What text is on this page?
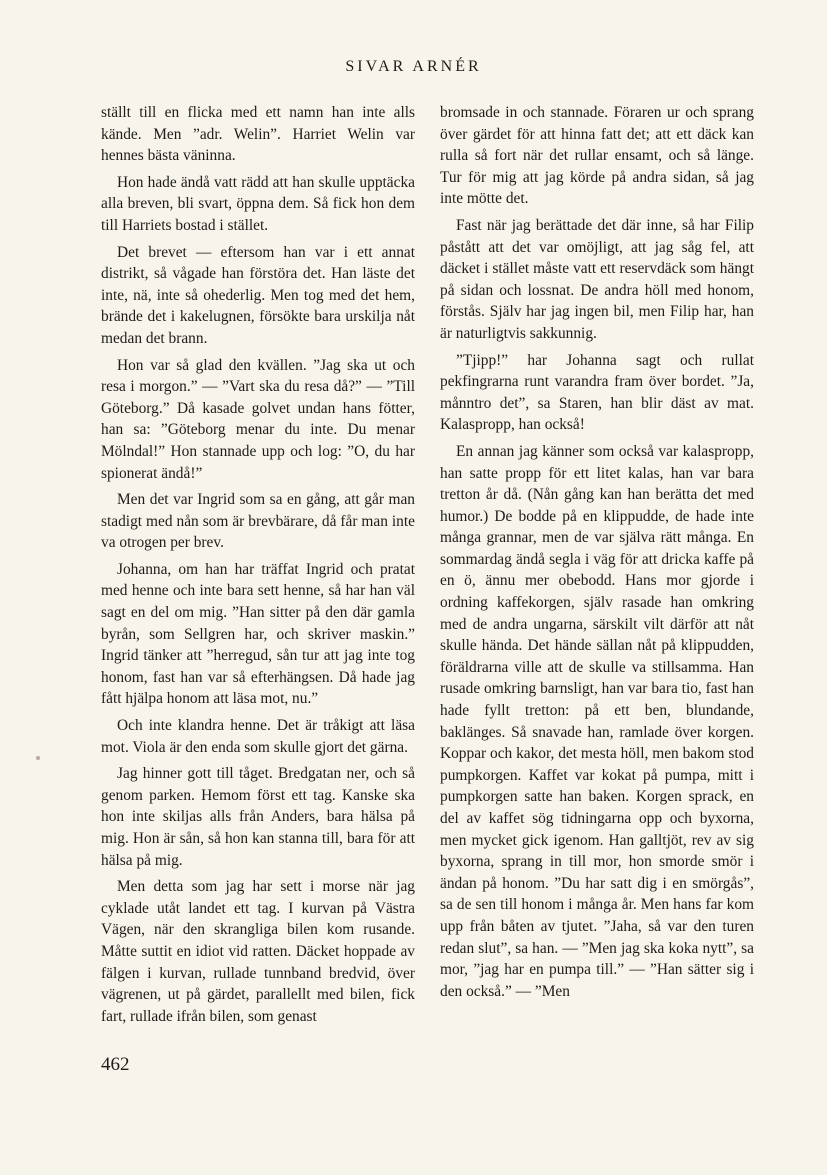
SIVAR ARNÉR

ställt till en flicka med ett namn han inte alls kände. Men ”adr. Welin”. Harriet Welin var hennes bästa väninna.

Hon hade ändå vatt rädd att han skulle upptäcka alla breven, bli svart, öppna dem. Så fick hon dem till Harriets bostad i stället.

Det brevet — eftersom han var i ett annat distrikt, så vågade han förstöra det. Han läste det inte, nä, inte så ohederlig. Men tog med det hem, brände det i kakelugnen, försökte bara urskilja nåt medan det brann.

Hon var så glad den kvällen. ”Jag ska ut och resa i morgon.” — ”Vart ska du resa då?” — ”Till Göteborg.” Då kasade golvet undan hans fötter, han sa: ”Göteborg menar du inte. Du menar Mölndal!” Hon stannade upp och log: ”O, du har spionerat ändå!”

Men det var Ingrid som sa en gång, att går man stadigt med nån som är brevbärare, då får man inte va otrogen per brev.

Johanna, om han har träffat Ingrid och pratat med henne och inte bara sett henne, så har han väl sagt en del om mig. ”Han sitter på den där gamla byrån, som Sellgren har, och skriver maskin.” Ingrid tänker att ”herregud, sån tur att jag inte tog honom, fast han var så efterhängsen. Då hade jag fått hjälpa honom att läsa mot, nu.”

Och inte klandra henne. Det är tråkigt att läsa mot. Viola är den enda som skulle gjort det gärna.

Jag hinner gott till tåget. Bredgatan ner, och så genom parken. Hemom först ett tag. Kanske ska hon inte skiljas alls från Anders, bara hälsa på mig. Hon är sån, så hon kan stanna till, bara för att hälsa på mig.

Men detta som jag har sett i morse när jag cyklade utåt landet ett tag. I kurvan på Västra Vägen, när den skrangliga bilen kom rusande. Måtte suttit en idiot vid ratten. Däcket hoppade av fälgen i kurvan, rullade tunnband bredvid, över vägrenen, ut på gärdet, parallellt med bilen, fick fart, rullade ifrån bilen, som genast

bromsade in och stannade. Föraren ur och sprang över gärdet för att hinna fatt det; att ett däck kan rulla så fort när det rullar ensamt, och så länge. Tur för mig att jag körde på andra sidan, så jag inte mötte det.

Fast när jag berättade det där inne, så har Filip påstått att det var omöjligt, att jag såg fel, att däcket i stället måste vatt ett reservdäck som hängt på sidan och lossnat. De andra höll med honom, förstås. Själv har jag ingen bil, men Filip har, han är naturligtvis sakkunnig.

”Tjipp!” har Johanna sagt och rullat pekfingrarna runt varandra fram över bordet. ”Ja, månntro det”, sa Staren, han blir däst av mat. Kalaspropp, han också!

En annan jag känner som också var kalaspropp, han satte propp för ett litet kalas, han var bara tretton år då. (Nån gång kan han berätta det med humor.) De bodde på en klippudde, de hade inte många grannar, men de var själva rätt många. En sommardag ändå segla i väg för att dricka kaffe på en ö, ännu mer obebodd. Hans mor gjorde i ordning kaffekorgen, själv rasade han omkring med de andra ungarna, särskilt vilt därför att nåt skulle hända. Det hände sällan nåt på klippudden, föräldrarna ville att de skulle va stillsamma. Han rusade omkring barnsligt, han var bara tio, fast han hade fyllt tretton: på ett ben, blundande, baklänges. Så snavade han, ramlade över korgen. Koppar och kakor, det mesta höll, men bakom stod pumpkorgen. Kaffet var kokat på pumpa, mitt i pumpkorgen satte han baken. Korgen sprack, en del av kaffet sög tidningarna opp och byxorna, men mycket gick igenom. Han galltjöt, rev av sig byxorna, sprang in till mor, hon smorde smör i ändan på honom. ”Du har satt dig i en smörgås”, sa de sen till honom i många år. Men hans far kom upp från båten av tjutet. ”Jaha, så var den turen redan slut”, sa han. — ”Men jag ska koka nytt”, sa mor, ”jag har en pumpa till.” — ”Han sätter sig i den också.” — ”Men

462
